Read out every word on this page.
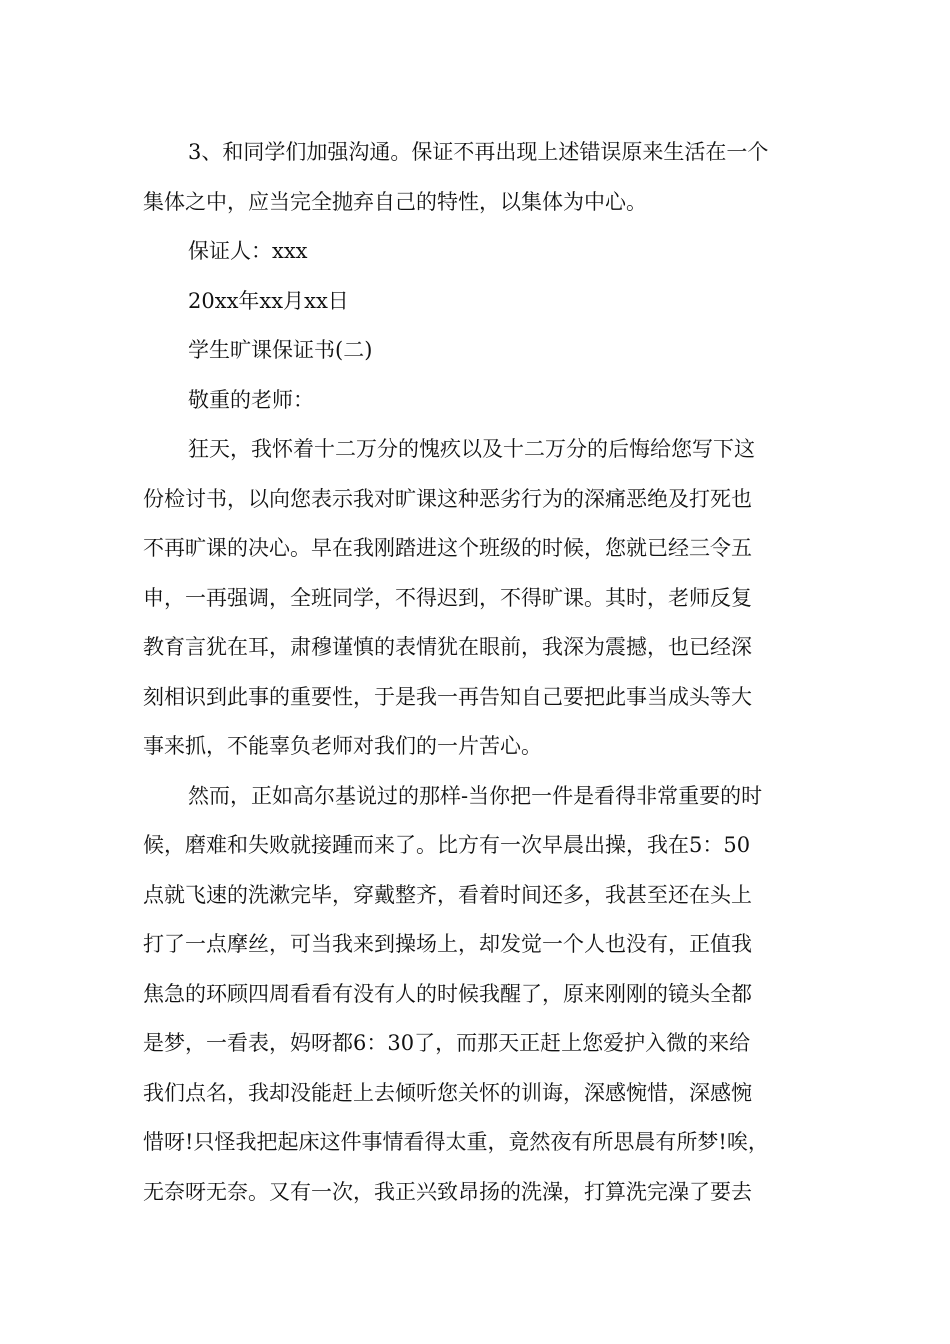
3、和同学们加强沟通。保证不再出现上述错误原来生活在一个
集体之中，应当完全抛弃自己的特性，以集体为中心。

保证人：xxx

20xx年xx月xx日

学生旷课保证书(二)

敬重的老师：

狂天，我怀着十二万分的愧疚以及十二万分的后悔给您写下这
份检讨书，以向您表示我对旷课这种恶劣行为的深痛恶绝及打死也
不再旷课的决心。早在我刚踏进这个班级的时候，您就已经三令五
申，一再强调，全班同学，不得迟到，不得旷课。其时，老师反复
教育言犹在耳，肃穆谨慎的表情犹在眼前，我深为震撼，也已经深
刻相识到此事的重要性，于是我一再告知自己要把此事当成头等大
事来抓，不能辜负老师对我们的一片苦心。

然而，正如高尔基说过的那样-当你把一件是看得非常重要的时
候，磨难和失败就接踵而来了。比方有一次早晨出操，我在5：50
点就飞速的洗漱完毕，穿戴整齐，看着时间还多，我甚至还在头上
打了一点摩丝，可当我来到操场上，却发觉一个人也没有，正值我
焦急的环顾四周看看有没有人的时候我醒了，原来刚刚的镜头全都
是梦，一看表，妈呀都6：30了，而那天正赶上您爱护入微的来给
我们点名，我却没能赶上去倾听您关怀的训诲，深感惋惜，深感惋
惜呀!只怪我把起床这件事情看得太重，竟然夜有所思晨有所梦!唉，
无奈呀无奈。又有一次，我正兴致昂扬的洗澡，打算洗完澡了要去
